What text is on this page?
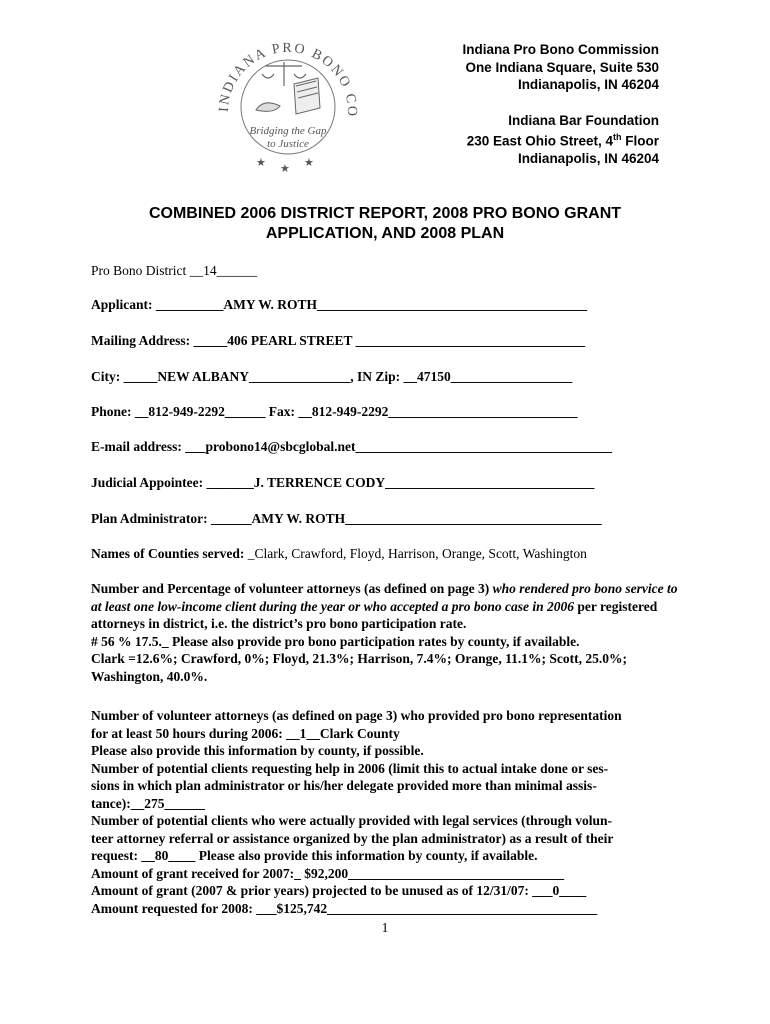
INDIANA PRO BONO CO
Bridging the Gap
to Justice
★ ★ ★
Indiana Pro Bono Commission
One Indiana Square, Suite 530
Indianapolis, IN 46204
Indiana Bar Foundation
230 East Ohio Street, 4th Floor
Indianapolis, IN 46204
COMBINED 2006 DISTRICT REPORT, 2008 PRO BONO GRANT
APPLICATION, AND 2008 PLAN
Pro Bono District __14______
Applicant: __________AMY W. ROTH________________________________________
Mailing Address: _____406 PEARL STREET __________________________________
City: _____NEW ALBANY_______________, IN Zip: __47150__________________
Phone: __812-949-2292______ Fax: __812-949-2292____________________________
E-mail address: ___probono14@sbcglobal.net______________________________________
Judicial Appointee: _______J. TERRENCE CODY_______________________________
Plan Administrator: ______AMY W. ROTH______________________________________
Names of Counties served: _Clark, Crawford, Floyd, Harrison, Orange, Scott, Washington
Number and Percentage of volunteer attorneys (as defined on page 3) who rendered pro bono service to at least one low-income client during the year or who accepted a pro bono case in 2006 per registered attorneys in district, i.e. the district’s pro bono participation rate.
# 56 % 17.5._ Please also provide pro bono participation rates by county, if available.
Clark =12.6%; Crawford, 0%; Floyd, 21.3%; Harrison, 7.4%; Orange, 11.1%; Scott, 25.0%; Washington, 40.0%.
Number of volunteer attorneys (as defined on page 3) who provided pro bono representation
for at least 50 hours during 2006: __1__Clark County
Please also provide this information by county, if possible.
Number of potential clients requesting help in 2006 (limit this to actual intake done or ses-
sions in which plan administrator or his/her delegate provided more than minimal assis-
tance):__275______
Number of potential clients who were actually provided with legal services (through volun-
teer attorney referral or assistance organized by the plan administrator) as a result of their
request: __80____ Please also provide this information by county, if available.
Amount of grant received for 2007:_ $92,200________________________________
Amount of grant (2007 & prior years) projected to be unused as of 12/31/07: ___0____
Amount requested for 2008: ___$125,742________________________________________
1
